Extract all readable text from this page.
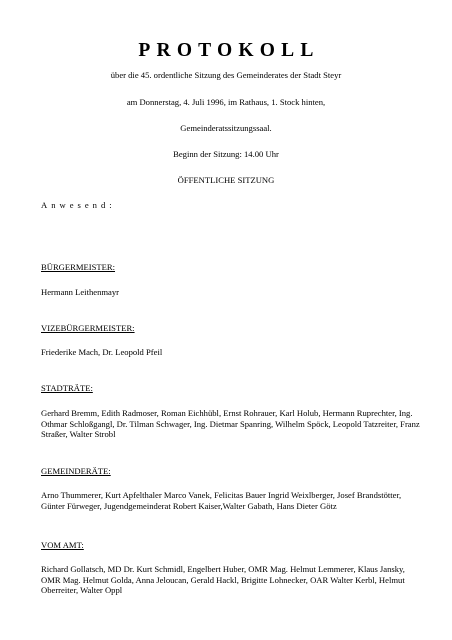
PROTOKOLL
über die 45. ordentliche Sitzung des Gemeinderates der Stadt Steyr
am Donnerstag, 4. Juli 1996, im Rathaus, 1. Stock hinten,
Gemeinderatssitzungssaal.
Beginn der Sitzung: 14.00 Uhr
ÖFFENTLICHE SITZUNG
Anwesend:
BÜRGERMEISTER:
Hermann Leithenmayr
VIZEBÜRGERMEISTER:
Friederike Mach, Dr. Leopold Pfeil
STADTRÄTE:
Gerhard Bremm, Edith Radmoser, Roman Eichhübl, Ernst Rohrauer, Karl Holub, Hermann Ruprechter, Ing. Othmar Schloßgangl, Dr. Tilman Schwager, Ing. Dietmar Spanring, Wilhelm Spöck, Leopold Tatzreiter, Franz Straßer, Walter Strobl
GEMEINDERÄTE:
Arno Thummerer, Kurt Apfelthaler Marco Vanek, Felicitas Bauer Ingrid Weixlberger, Josef Brandstötter, Günter Fürweger, Jugendgemeinderat Robert Kaiser,Walter Gabath, Hans Dieter Götz
VOM AMT:
Richard Gollatsch, MD Dr. Kurt Schmidl, Engelbert Huber, OMR Mag. Helmut Lemmerer, Klaus Jansky, OMR Mag. Helmut Golda, Anna Jeloucan, Gerald Hackl, Brigitte Lohnecker, OAR Walter Kerbl, Helmut Oberreiter, Walter Oppl
